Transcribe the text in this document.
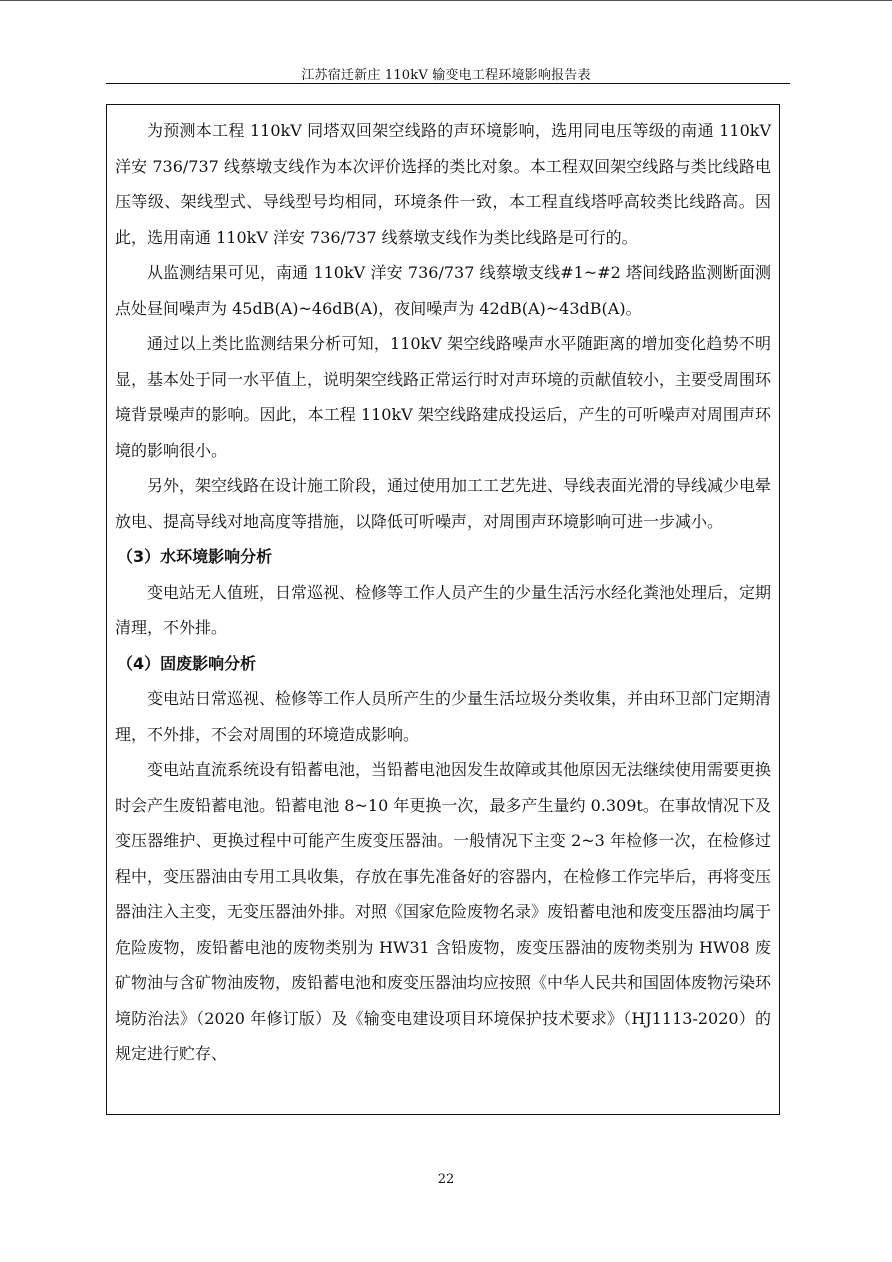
江苏宿迁新庄 110kV 输变电工程环境影响报告表

为预测本工程 110kV 同塔双回架空线路的声环境影响，选用同电压等级的南通 110kV 洋安 736/737 线蔡墩支线作为本次评价选择的类比对象。本工程双回架空线路与类比线路电压等级、架线型式、导线型号均相同，环境条件一致，本工程直线塔呼高较类比线路高。因此，选用南通 110kV 洋安 736/737 线蔡墩支线作为类比线路是可行的。

从监测结果可见，南通 110kV 洋安 736/737 线蔡墩支线#1~#2 塔间线路监测断面测点处昼间噪声为 45dB(A)~46dB(A)，夜间噪声为 42dB(A)~43dB(A)。

通过以上类比监测结果分析可知，110kV 架空线路噪声水平随距离的增加变化趋势不明显，基本处于同一水平值上，说明架空线路正常运行时对声环境的贡献值较小，主要受周围环境背景噪声的影响。因此，本工程 110kV 架空线路建成投运后，产生的可听噪声对周围声环境的影响很小。

另外，架空线路在设计施工阶段，通过使用加工工艺先进、导线表面光滑的导线减少电晕放电、提高导线对地高度等措施，以降低可听噪声，对周围声环境影响可进一步减小。

（3）水环境影响分析

变电站无人值班，日常巡视、检修等工作人员产生的少量生活污水经化粪池处理后，定期清理，不外排。

（4）固废影响分析

变电站日常巡视、检修等工作人员所产生的少量生活垃圾分类收集，并由环卫部门定期清理，不外排，不会对周围的环境造成影响。

变电站直流系统设有铅蓄电池，当铅蓄电池因发生故障或其他原因无法继续使用需要更换时会产生废铅蓄电池。铅蓄电池 8~10 年更换一次，最多产生量约 0.309t。在事故情况下及变压器维护、更换过程中可能产生废变压器油。一般情况下主变 2~3 年检修一次，在检修过程中，变压器油由专用工具收集，存放在事先准备好的容器内，在检修工作完毕后，再将变压器油注入主变，无变压器油外排。对照《国家危险废物名录》废铅蓄电池和废变压器油均属于危险废物，废铅蓄电池的废物类别为 HW31 含铅废物，废变压器油的废物类别为 HW08 废矿物油与含矿物油废物，废铅蓄电池和废变压器油均应按照《中华人民共和国固体废物污染环境防治法》（2020 年修订版）及《输变电建设项目环境保护技术要求》（HJ1113-2020）的规定进行贮存、

22
